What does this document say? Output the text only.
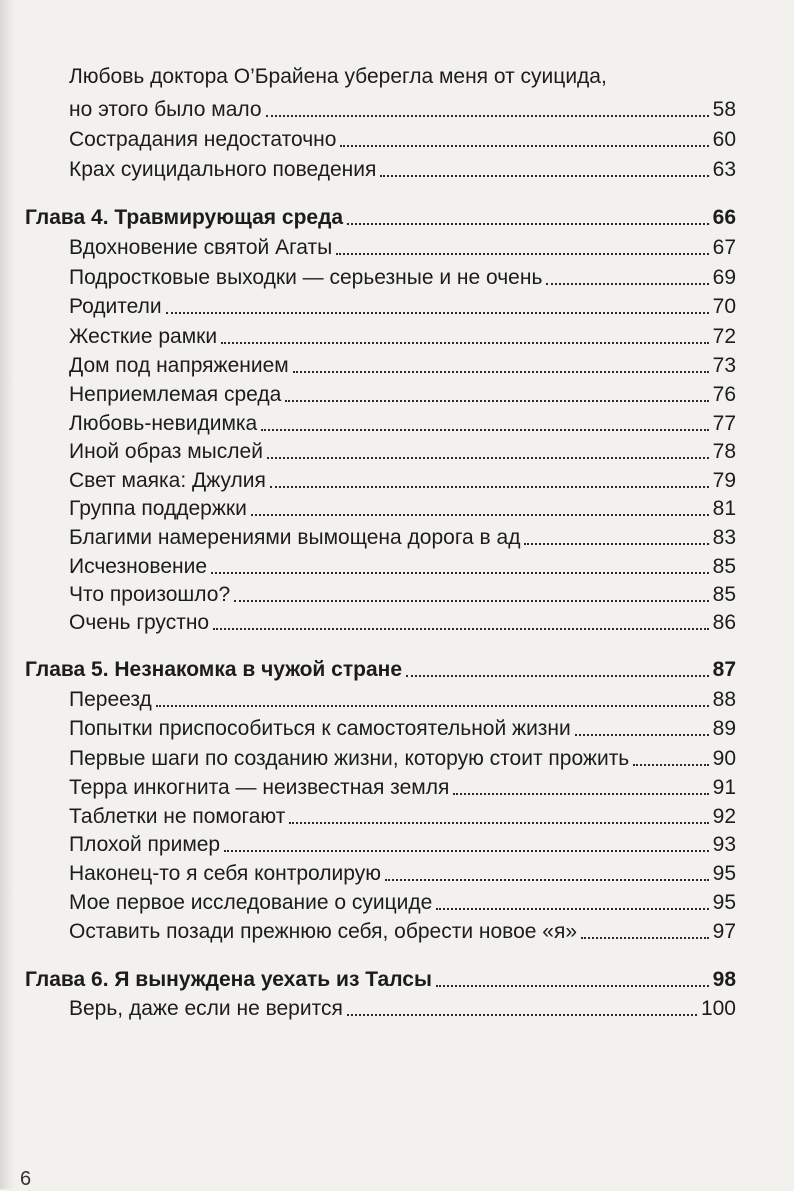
Любовь доктора О’Брайена уберегла меня от суицида,
но этого было мало	58
Сострадания недостаточно	60
Крах суицидального поведения	63
Глава 4. Травмирующая среда	66
Вдохновение святой Агаты	67
Подростковые выходки — серьезные и не очень	69
Родители	70
Жесткие рамки	72
Дом под напряжением	73
Неприемлемая среда	76
Любовь-невидимка	77
Иной образ мыслей	78
Свет маяка: Джулия	79
Группа поддержки	81
Благими намерениями вымощена дорога в ад	83
Исчезновение	85
Что произошло?	85
Очень грустно	86
Глава 5. Незнакомка в чужой стране	87
Переезд	88
Попытки приспособиться к самостоятельной жизни	89
Первые шаги по созданию жизни, которую стоит прожить	90
Терра инкогнита — неизвестная земля	91
Таблетки не помогают	92
Плохой пример	93
Наконец-то я себя контролирую	95
Мое первое исследование о суициде	95
Оставить позади прежнюю себя, обрести новое «я»	97
Глава 6. Я вынуждена уехать из Талсы	98
Верь, даже если не верится	100
6
